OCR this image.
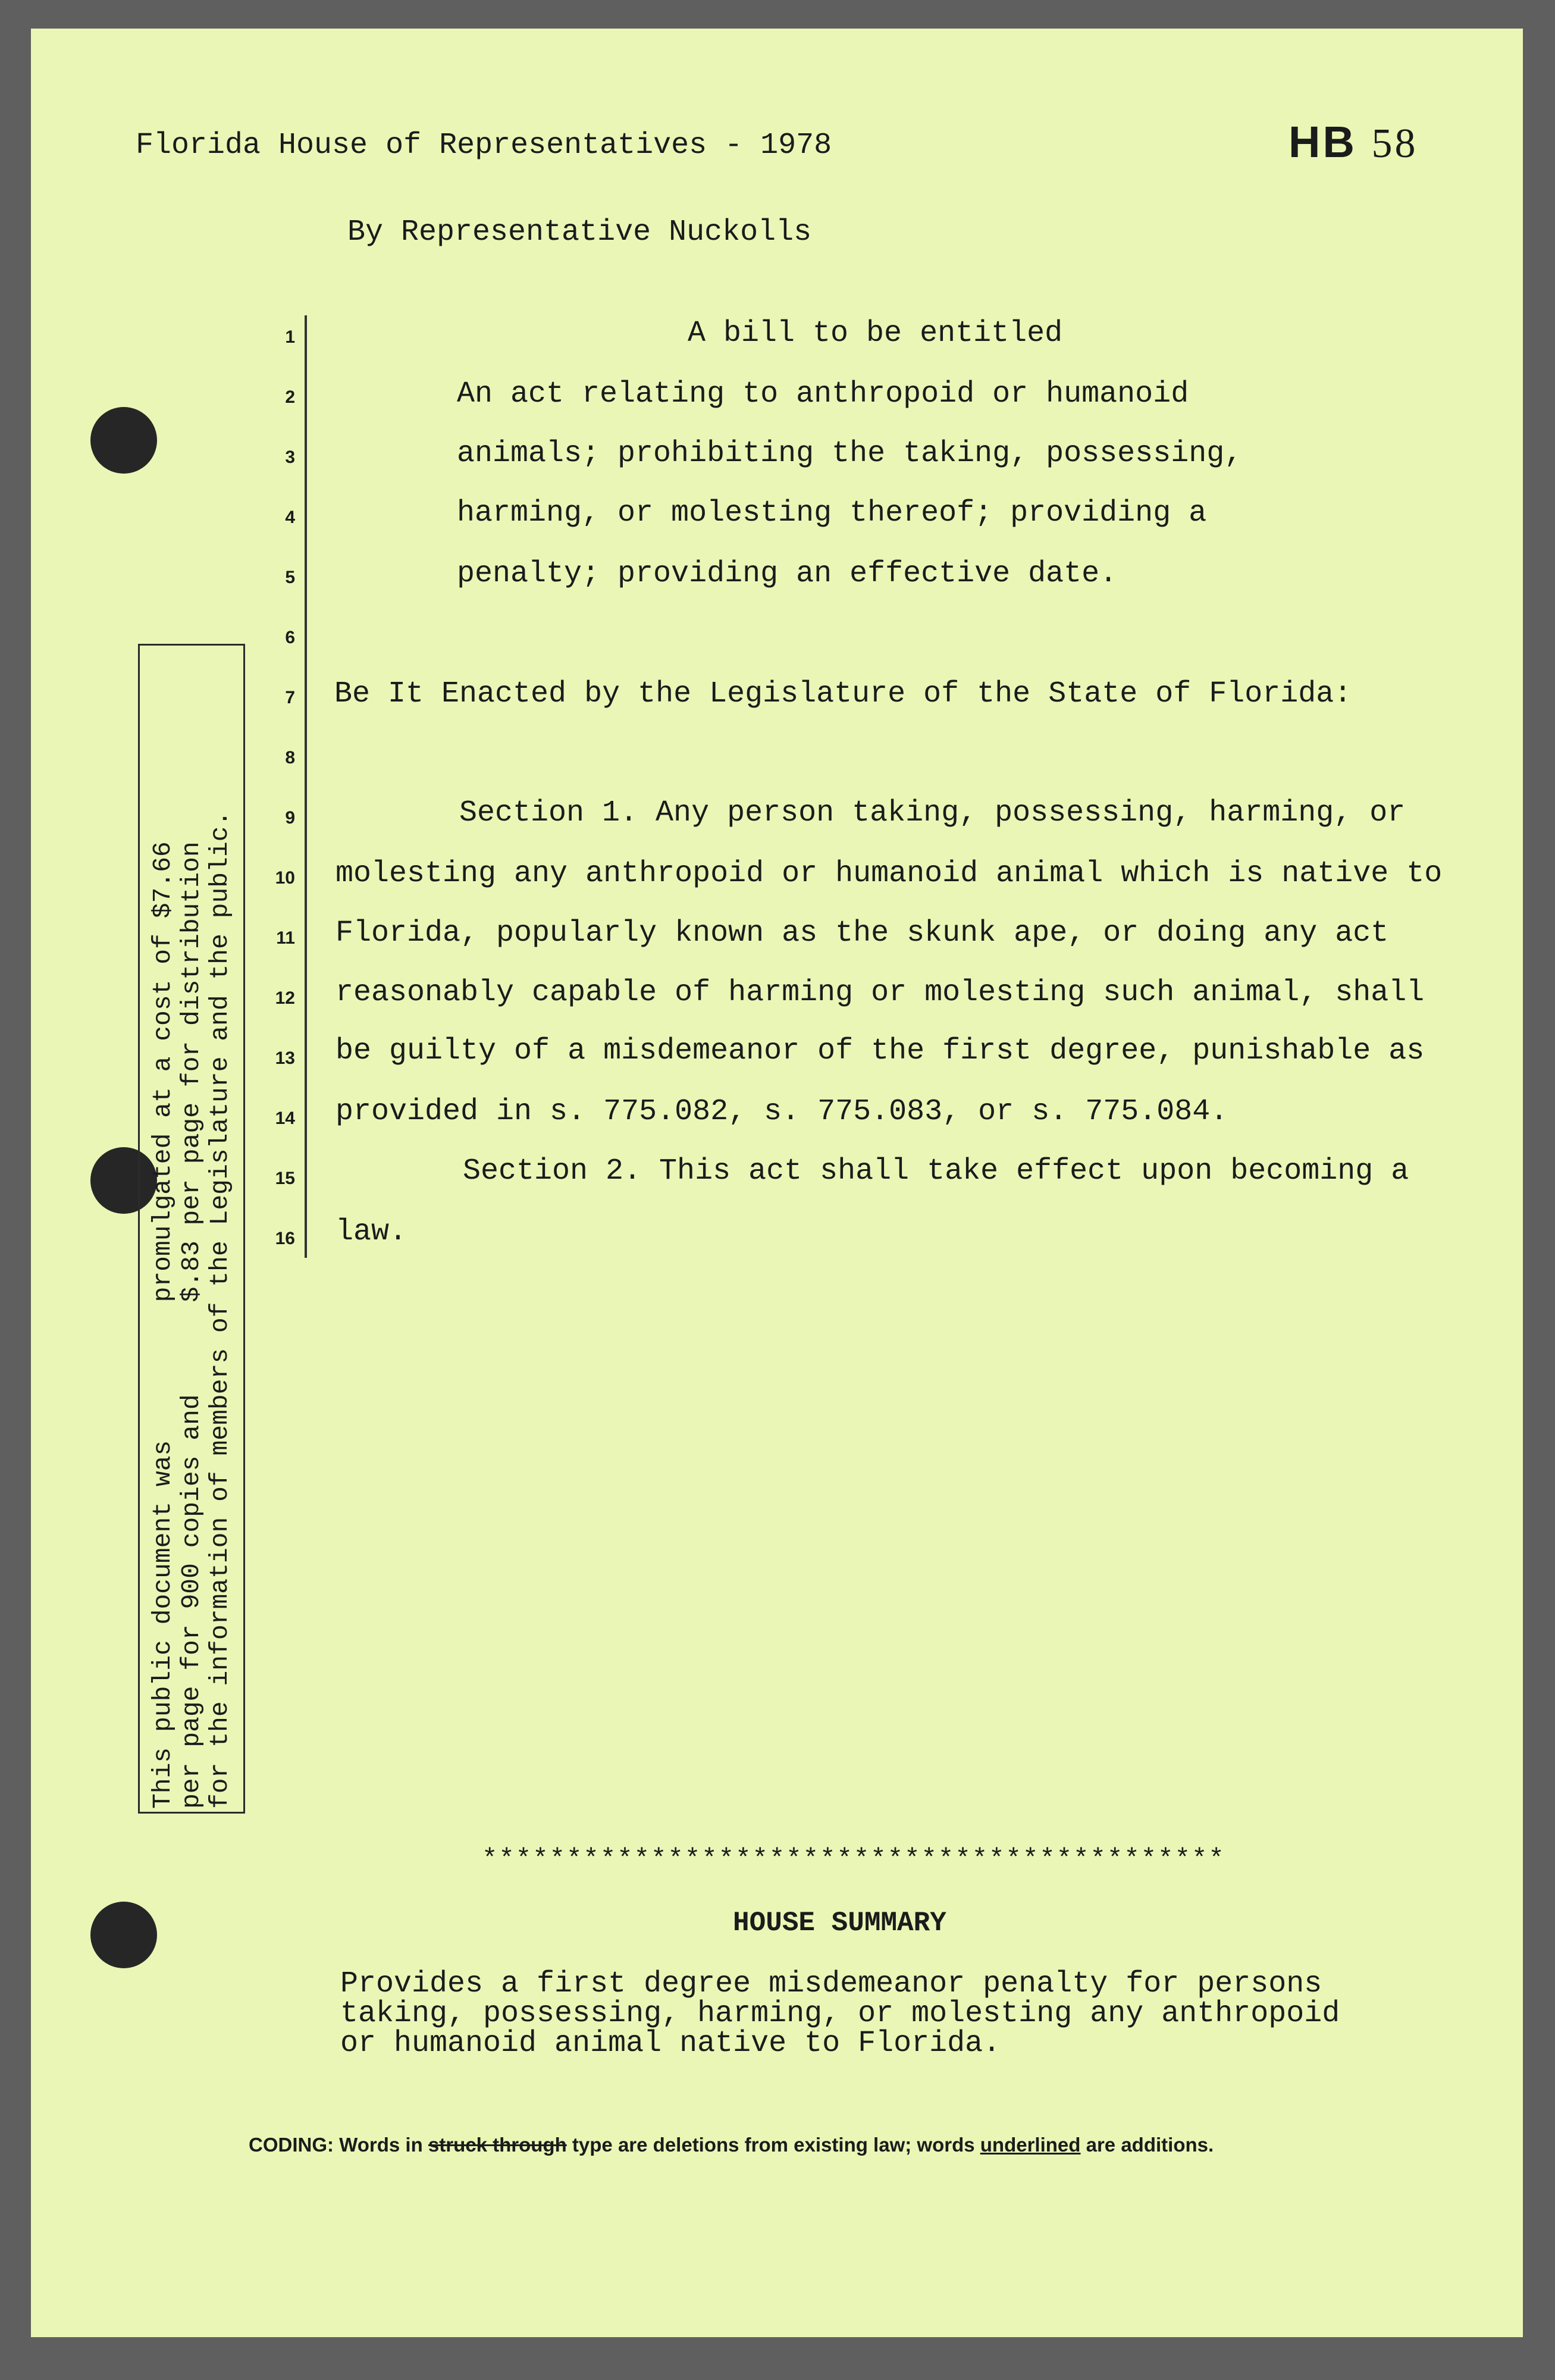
Florida House of Representatives - 1978	HB 58
By Representative Nuckolls
1
2
3
4
5
6
7
8
9
10
11
12
13
14
15
16
A bill to be entitled
An act relating to anthropoid or humanoid
animals; prohibiting the taking, possessing,
harming, or molesting thereof; providing a
penalty; providing an effective date.
Be It Enacted by the Legislature of the State of Florida:
Section 1. Any person taking, possessing, harming, or
molesting any anthropoid or humanoid animal which is native to
Florida, popularly known as the skunk ape, or doing any act
reasonably capable of harming or molesting such animal, shall
be guilty of a misdemeanor of the first degree, punishable as
provided in s. 775.082, s. 775.083, or s. 775.084.
Section 2. This act shall take effect upon becoming a
law.
This public document was         promulgated at a cost of $7.66 per page for 900 copies and      $.83 per page for distribution for the information of members of the Legislature and the public.
********************************************
HOUSE SUMMARY
Provides a first degree misdemeanor penalty for persons
taking, possessing, harming, or molesting any anthropoid
or humanoid animal native to Florida.
CODING: Words in struck through type are deletions from existing law; words underlined are additions.
